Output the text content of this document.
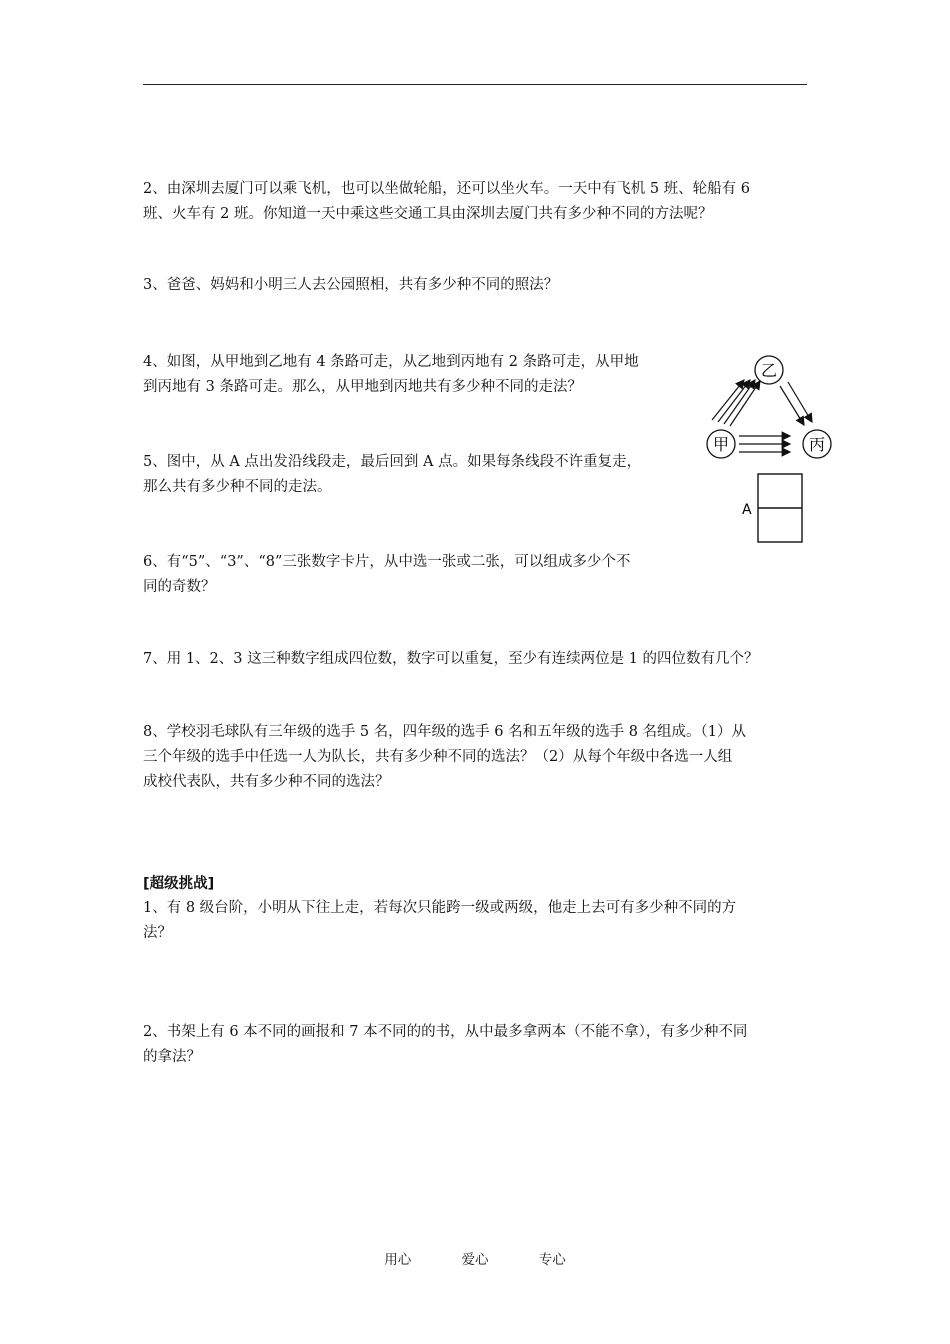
2、由深圳去厦门可以乘飞机，也可以坐做轮船，还可以坐火车。一天中有飞机 5 班、轮船有 6
班、火车有 2 班。你知道一天中乘这些交通工具由深圳去厦门共有多少种不同的方法呢？
3、爸爸、妈妈和小明三人去公园照相，共有多少种不同的照法？
4、如图，从甲地到乙地有 4 条路可走，从乙地到丙地有 2 条路可走，从甲地
到丙地有 3 条路可走。那么，从甲地到丙地共有多少种不同的走法？
5、图中，从 A 点出发沿线段走，最后回到 A 点。如果每条线段不许重复走，
那么共有多少种不同的走法。
6、有“5”、“3”、“8”三张数字卡片，从中选一张或二张，可以组成多少个不
同的奇数？
7、用 1、2、3 这三种数字组成四位数，数字可以重复，至少有连续两位是 1 的四位数有几个？
8、学校羽毛球队有三年级的选手 5 名，四年级的选手 6 名和五年级的选手 8 名组成。（1）从
三个年级的选手中任选一人为队长，共有多少种不同的选法？（2）从每个年级中各选一人组
成校代表队，共有多少种不同的选法？
[超级挑战]
1、有 8 级台阶，小明从下往上走，若每次只能跨一级或两级，他走上去可有多少种不同的方
法？
2、书架上有 6 本不同的画报和 7 本不同的的书，从中最多拿两本（不能不拿），有多少种不同
的拿法？
乙
甲	丙
A
用心	爱心	专心
